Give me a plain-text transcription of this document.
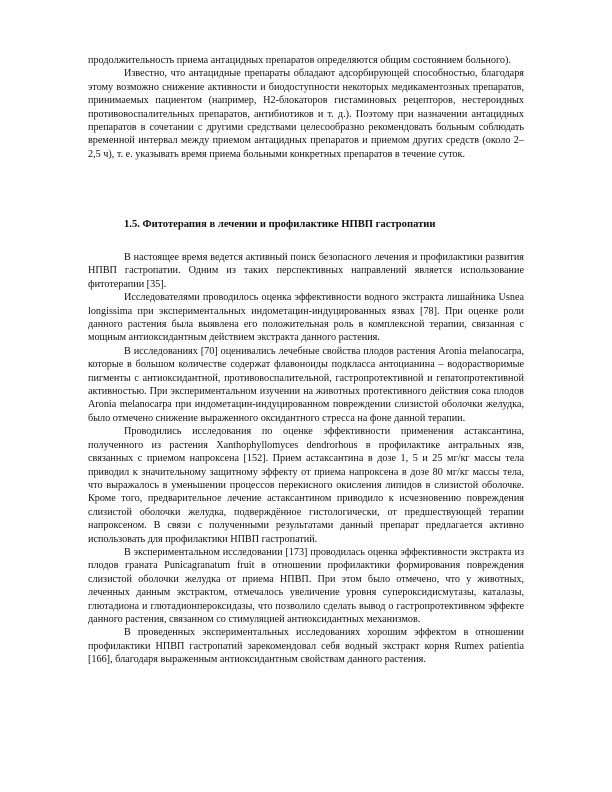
продолжительность приема антацидных препаратов определяются общим состоянием больного).

Известно, что антацидные препараты обладают адсорбирующей способностью, благодаря этому возможно снижение активности и биодоступности некоторых медикаментозных препаратов, принимаемых пациентом (например, Н2-блокаторов гистаминовых рецепторов, нестероидных противовоспалительных препаратов, антибиотиков и т. д.). Поэтому при назначении антацидных препаратов в сочетании с другими средствами целесообразно рекомендовать больным соблюдать временной интервал между приемом антацидных препаратов и приемом других средств (около 2–2,5 ч), т. е. указывать время приема больными конкретных препаратов в течение суток.

1.5. Фитотерапия в лечении и профилактике НПВП гастропатии

В настоящее время ведется активный поиск безопасного лечения и профилактики развития НПВП гастропатии. Одним из таких перспективных направлений является использование фитотерапии [35].

Исследователями проводилось оценка эффективности водного экстракта лишайника Usnea longissima при экспериментальных индометацин-индуцированных язвах [78]. При оценке роли данного растения была выявлена его положительная роль в комплексной терапии, связанная с мощным антиоксидантным действием экстракта данного растения.

В исследованиях [70] оценивались лечебные свойства плодов растения Aronia melanocarpa, которые в большом количестве содержат флавоноиды подкласса антоцианина – водорастворимые пигменты с антиоксидантной, противовоспалительной, гастропротективной и гепатопротективной активностью. При экспериментальном изучении на животных протективного действия сока плодов Aronia melanocarpa при индометацин-индуцированном повреждении слизистой оболочки желудка, было отмечено снижение выраженного оксидантного стресса на фоне данной терапии.

Проводились исследования по оценке эффективности применения астаксантина, полученного из растения Xanthophyllomyces dendrorhous в профилактике антральных язв, связанных с приемом напроксена [152]. Прием астаксантина в дозе 1, 5 и 25 мг/кг массы тела приводил к значительному защитному эффекту от приема напроксена в дозе 80 мг/кг массы тела, что выражалось в уменьшении процессов перекисного окисления липидов в слизистой оболочке. Кроме того, предварительное лечение астаксантином приводило к исчезновению повреждения слизистой оболочки желудка, подверждённое гистологически, от предшествующей терапии напроксеном. В связи с полученными результатами данный препарат предлагается активно использовать для профилактики НПВП гастропатий.

В экспериментальном исследовании [173] проводилась оценка эффективности экстракта из плодов граната Punicagranatum fruit в отношении профилактики формирования повреждения слизистой оболочки желудка от приема НПВП. При этом было отмечено, что у животных, леченных данным экстрактом, отмечалось увеличение уровня супероксидисмутазы, каталазы, глютадиона и глютадионпероксидазы, что позволило сделать вывод о гастропротективном эффекте данного растения, связанном со стимуляцией антиоксидантных механизмов.

В проведенных экспериментальных исследованиях хорошим эффектом в отношении профилактики НПВП гастропатий зарекомендовал себя водный экстракт корня Rumex patientia [166], благодаря выраженным антиоксидантным свойствам данного растения.
